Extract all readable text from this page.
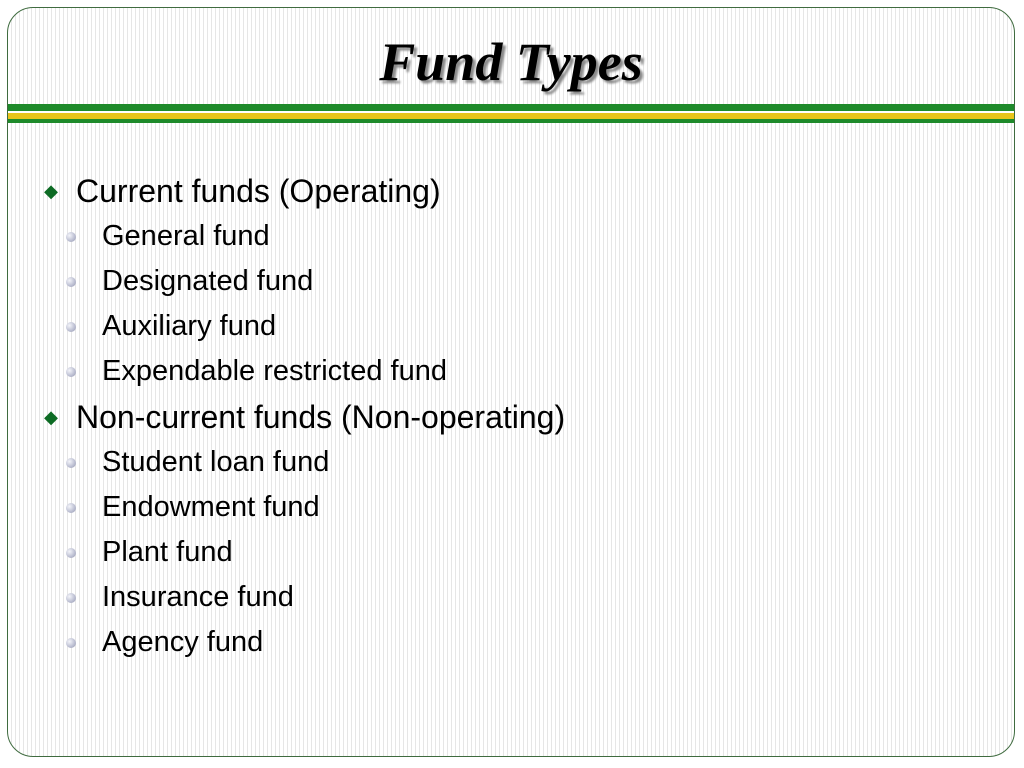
Fund Types
◆ Current funds (Operating)
General fund
Designated fund
Auxiliary fund
Expendable restricted fund
◆ Non-current funds (Non-operating)
Student loan fund
Endowment fund
Plant fund
Insurance fund
Agency fund
